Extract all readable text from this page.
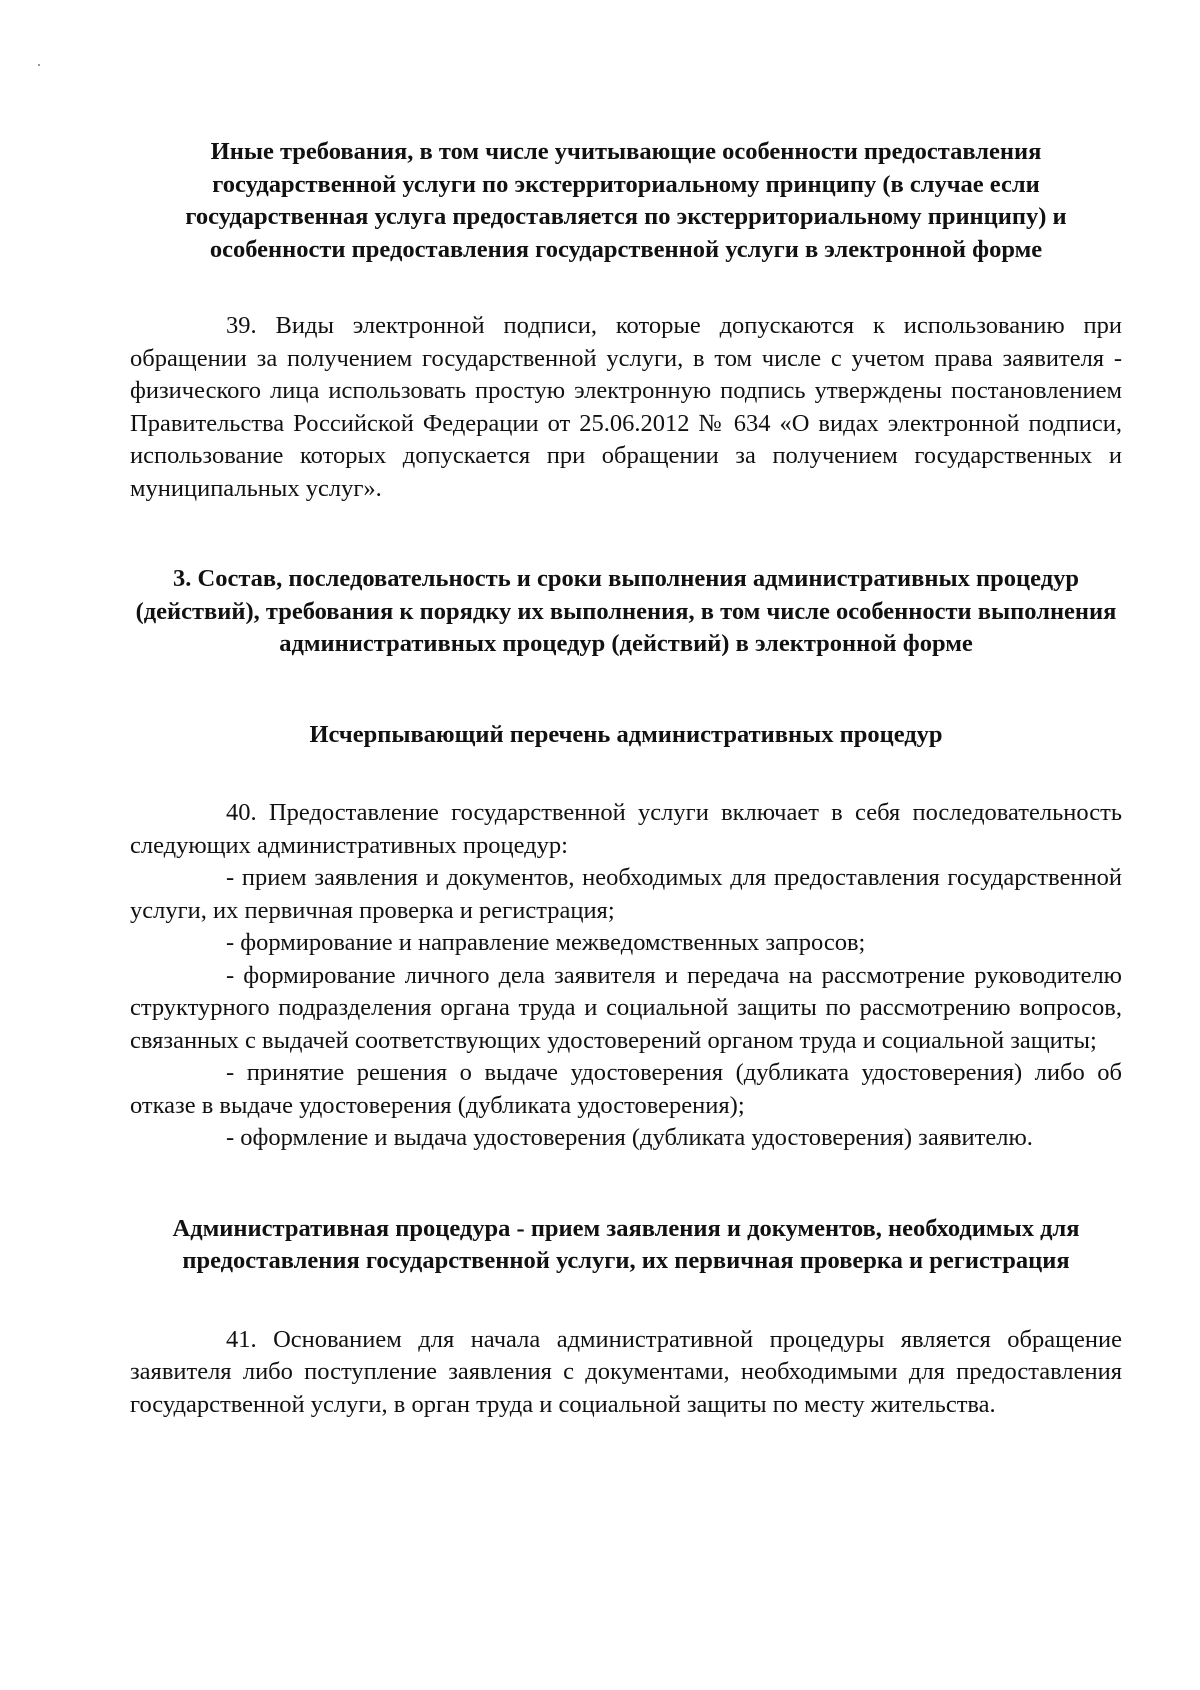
Иные требования, в том числе учитывающие особенности предоставления государственной услуги по экстерриториальному принципу (в случае если государственная услуга предоставляется по экстерриториальному принципу) и особенности предоставления государственной услуги в электронной форме

39. Виды электронной подписи, которые допускаются к использованию при обращении за получением государственной услуги, в том числе с учетом права заявителя - физического лица использовать простую электронную подпись утверждены постановлением Правительства Российской Федерации от 25.06.2012 № 634 «О видах электронной подписи, использование которых допускается при обращении за получением государственных и муниципальных услуг».

3. Состав, последовательность и сроки выполнения административных процедур (действий), требования к порядку их выполнения, в том числе особенности выполнения административных процедур (действий) в электронной форме

Исчерпывающий перечень административных процедур

40. Предоставление государственной услуги включает в себя последовательность следующих административных процедур:

- прием заявления и документов, необходимых для предоставления государственной услуги, их первичная проверка и регистрация;

- формирование и направление межведомственных запросов;

- формирование личного дела заявителя и передача на рассмотрение руководителю структурного подразделения органа труда и социальной защиты по рассмотрению вопросов, связанных с выдачей соответствующих удостоверений органом труда и социальной защиты;

- принятие решения о выдаче удостоверения (дубликата удостоверения) либо об отказе в выдаче удостоверения (дубликата удостоверения);

- оформление и выдача удостоверения (дубликата удостоверения) заявителю.

Административная процедура - прием заявления и документов, необходимых для предоставления государственной услуги, их первичная проверка и регистрация

41. Основанием для начала административной процедуры является обращение заявителя либо поступление заявления с документами, необходимыми для предоставления государственной услуги, в орган труда и социальной защиты по месту жительства.
